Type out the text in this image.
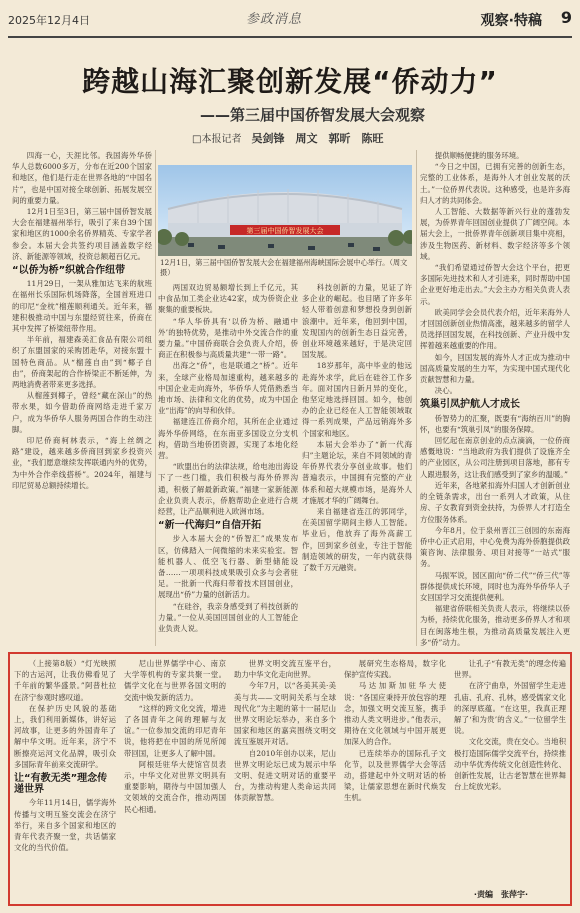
2025年12月4日	参政消息	观察·特稿 9
跨越山海汇聚创新发展“侨动力”
——第三届中国侨智发展大会观察
□本报记者　 吴剑锋　周文　郭昕　陈旺

四海一心，天涯比邻。我国海外华侨华人总数6000多万，分布在近200个国家和地区，他们是行走在世界各地的“中国名片”，也是中国对接全球创新、拓展发展空间的重要力量。

12月1日至3日，第三届中国侨智发展大会在福建福州举行，吸引了来自39个国家和地区的1000余名侨界精英、专家学者参会。本届大会共签约项目涵盖数字经济、新能源等领域，投资总额超百亿元。

“以侨为桥”织就合作纽带

11月29日，一架从雅加达飞来的航班在福州长乐国际机场降落，全国首班进口的印尼“金枕”榴莲顺利通关。近年来，福建积极推动中国与东盟经贸往来，侨商在其中发挥了桥梁纽带作用。

半年前，福建森美汇食品有限公司组织了东盟国家的采购团赴华，对接东盟十国特色商品。从“榴莲自由”到“椰子自由”，侨商架起的合作桥梁正不断延伸，为两地消费者带来更多选择。

从榴莲到椰子，曾经“藏在深山”的热带水果，如今借助侨商网络走进千家万户，成为华侨华人服务两国合作的生动注脚。

印尼侨商柯林表示，“海上丝绸之路”建设，越来越多侨商回到家乡投资兴业，“我们愿意继续发挥联通内外的优势，为中外合作牵线搭桥”。2024年，福建与印尼贸易总额持续增长。

两国双边贸易额增长到上千亿元，其中食品加工类企业达42家，成为侨资企业聚集的重要板块。

“华人华侨具有‘以侨为桥、融通中外’的独特优势，是推动中外交流合作的重要力量。”中国侨商联合会负责人介绍，侨商正在积极参与高质量共建“一带一路”。

出海之“侨”，也是联通之“桥”。近年来，全球产业格局加速重构，越来越多的中国企业走向海外，华侨华人凭借熟悉当地市场、法律和文化的优势，成为中国企业“出海”的向导和伙伴。

福建连江侨商介绍，其所在企业通过海外华侨网络，在东南亚多国设立分支机构，借助当地侨团资源，实现了本地化经营。

“欧盟出台的法律法规，给电池出海设下了一些门槛，我们积极与海外侨界沟通，积极了解最新政策。”福建一家新能源企业负责人表示，侨胞帮助企业进行合规经营，让产品顺利进入欧洲市场。

“新一代海归”自信开拓

步入本届大会的“侨智汇”成果发布区，仿佛踏入一间微缩的未来实验室。智能机器人、低空飞行器、新型储能设备……一项项科技成果吸引众多与会者驻足。一批新一代海归带着技术回国创业，展现出“侨”力量的创新活力。

“在硅谷，我亲身感受到了科技创新的力量。”一位从美国回国创业的人工智能企业负责人说。

科技创新的力量，见证了许多企业的崛起。也目睹了许多年轻人带着创意和梦想投身到创新浪潮中。近年来，他回到中国，发现国内的创新生态日益完善，创业环境越来越好，于是决定回国发展。

18岁那年，高中毕业的他远赴海外求学，此后在硅谷工作多年。面对国内日新月异的变化，他坚定地选择回国。如今，他创办的企业已经在人工智能领域取得一系列成果，产品远销海外多个国家和地区。

本届大会举办了“新一代海归”主题论坛，来自不同领域的青年侨界代表分享创业故事。他们普遍表示，中国拥有完整的产业体系和超大规模市场，是海外人才施展才华的广阔舞台。

来自福建省连江的郭同学，在美国留学期间主修人工智能。毕业后，他放弃了海外高薪工作，回到家乡创业，专注于智能制造领域的研发，一年内就获得了数千万元融资。

提供顺畅便捷的服务环境。

“今日之中国，已拥有完善的创新生态，完整的工业体系，是海外人才创业发展的沃土。”一位侨界代表说。这种感受，也是许多海归人才的共同体会。

人工智能、大数据等新兴行业的蓬勃发展，为侨界青年回国创业提供了广阔空间。本届大会上，一批侨界青年创新项目集中亮相，涉及生物医药、新材料、数字经济等多个领域。

“我们希望通过侨智大会这个平台，把更多国际先进技术和人才引进来，同时帮助中国企业更好地走出去。”大会主办方相关负责人表示。

欧美同学会会员代表介绍，近年来海外人才回国创新创业热情高涨，越来越多的留学人员选择回国发展，在科技创新、产业升级中发挥着越来越重要的作用。

如今，回国发展的海外人才正成为推动中国高质量发展的生力军，为实现中国式现代化贡献智慧和力量。

决心。

筑巢引凤护航人才成长

侨智势力的汇聚，既要有“海纳百川”的胸怀，也要有“筑巢引凤”的服务保障。

回忆起在南京创业的点点滴滴，一位侨商感慨地说：“当地政府为我们提供了设施齐全的产业园区，从公司注册到项目落地，都有专人跟进服务，这让我们感受到了家乡的温暖。”

近年来，各地紧扣海外归国人才创新创业的全链条需求，出台一系列人才政策，从住房、子女教育到资金扶持，为侨界人才打造全方位服务体系。

今年8月，位于泉州晋江三创园的东南海侨中心正式启用，中心免费为海外侨胞提供政策咨询、法律服务、项目对接等“一站式”服务。

马振军说，园区面向“侨二代”“侨三代”等群体提供成长环境，同时也为海外华侨华人子女回国学习交流提供便利。

福建省侨联相关负责人表示，将继续以侨为桥，持续优化服务，推动更多侨界人才和项目在闽落地生根，为推动高质量发展注入更多“侨”动力。

第三届中国侨智发展大会
12月1日，第三届中国侨智发展大会在福建福州海峡国际会展中心举行。（周文 摄）

（上接第8版）“灯光映照下的古运河，让我仿佛看见了千年前的繁华盛景。”阿普杜拉在济宁参观时感叹道。

在保护历史风貌的基础上，我们利用新媒体，讲好运河故事，让更多的外国青年了解中华文明。近年来，济宁不断擦亮运河文化品牌，吸引众多国际青年前来交流研学。

让“有教无类”理念传递世界

今年11月14日，儒学海外传播与文明互鉴交流会在济宁举行，来自多个国家和地区的青年代表齐聚一堂，共话儒家文化的当代价值。

尼山世界儒学中心、南京大学等机构的专家共聚一堂。儒学文化在与世界各国文明的交流中焕发新的活力。

“这样的跨文化交流，增进了各国青年之间的理解与友谊。”一位参加交流的印尼青年说，他将把在中国的所见所闻带回国，让更多人了解中国。

阿根廷驻华大使馆官员表示，中华文化对世界文明具有重要影响，期待与中国加强人文领域的交流合作，推动两国民心相通。

世界文明交流互鉴平台，助力中华文化走向世界。

今年7月，以“各美其美·美美与共——文明间关系与全球现代化”为主题的第十一届尼山世界文明论坛举办，来自多个国家和地区的嘉宾围绕文明交流互鉴展开对话。

自2010年创办以来，尼山世界文明论坛已成为展示中华文明、促进文明对话的重要平台，为推动构建人类命运共同体贡献智慧。

展研究生态格局，数字化保护宣传实践。

马达加斯加驻华大使说：“各国应秉持开放包容的理念，加强文明交流互鉴，携手推动人类文明进步。”他表示，期待在文化领域与中国开展更加深入的合作。

已连续举办的国际孔子文化节，以及世界儒学大会等活动，搭建起中外文明对话的桥梁，让儒家思想在新时代焕发生机。

让孔子“有教无类”的理念传遍世界。

在济宁曲阜，外国留学生走进孔庙、孔府、孔林，感受儒家文化的深厚底蕴。“在这里，我真正理解了‘和为贵’的含义。”一位留学生说。

文化交流，贵在交心。当地积极打造国际儒学交流平台，持续推动中华优秀传统文化创造性转化、创新性发展，让古老智慧在世界舞台上绽放光彩。

·责编　张萍宇·
